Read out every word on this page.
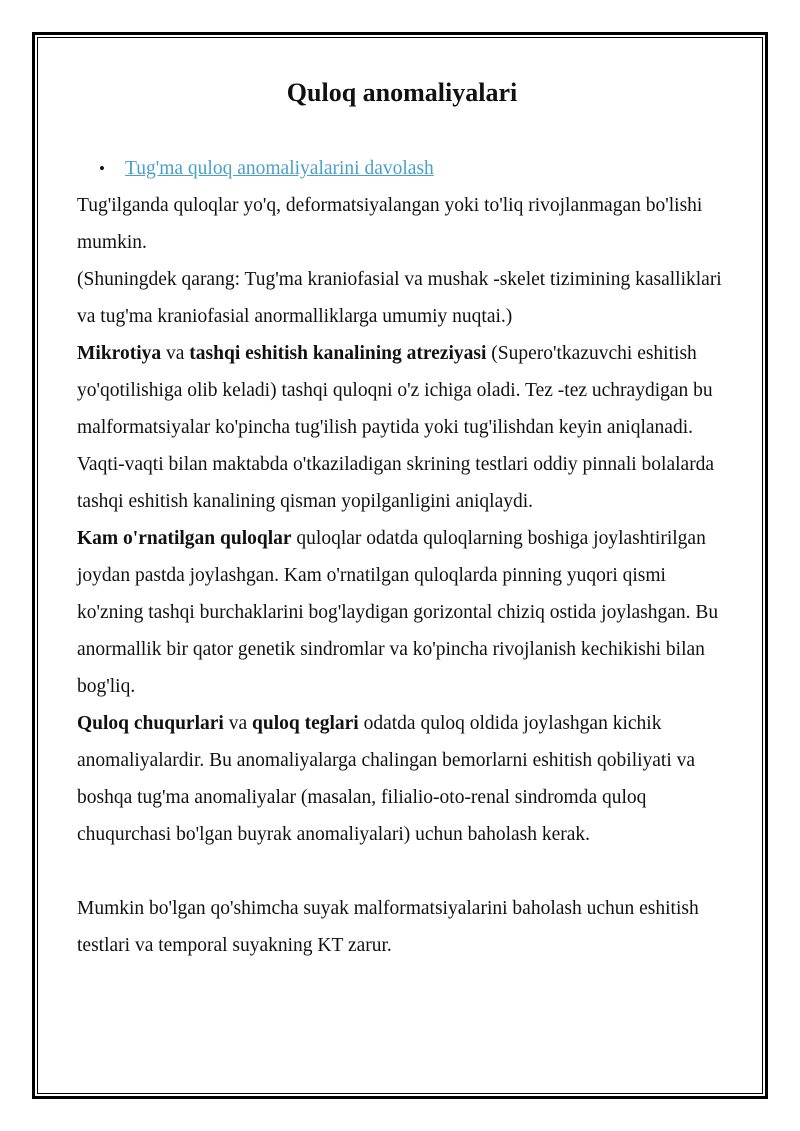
Quloq anomaliyalari
• Tug'ma quloq anomaliyalarini davolash

Tug'ilganda quloqlar yo'q, deformatsiyalangan yoki to'liq rivojlanmagan bo'lishi mumkin.

(Shuningdek qarang: Tug'ma kraniofasial va mushak -skelet tizimining kasalliklari va tug'ma kraniofasial anormalliklarga umumiy nuqtai.)

Mikrotiya va tashqi eshitish kanalining atreziyasi (Supero'tkazuvchi eshitish yo'qotilishiga olib keladi) tashqi quloqni o'z ichiga oladi. Tez -tez uchraydigan bu malformatsiyalar ko'pincha tug'ilish paytida yoki tug'ilishdan keyin aniqlanadi. Vaqti-vaqti bilan maktabda o'tkaziladigan skrining testlari oddiy pinnali bolalarda tashqi eshitish kanalining qisman yopilganligini aniqlaydi.

Kam o'rnatilgan quloqlar quloqlar odatda quloqlarning boshiga joylashtirilgan joydan pastda joylashgan. Kam o'rnatilgan quloqlarda pinning yuqori qismi ko'zning tashqi burchaklarini bog'laydigan gorizontal chiziq ostida joylashgan. Bu anormallik bir qator genetik sindromlar va ko'pincha rivojlanish kechikishi bilan bog'liq.

Quloq chuqurlari va quloq teglari odatda quloq oldida joylashgan kichik anomaliyalardir. Bu anomaliyalarga chalingan bemorlarni eshitish qobiliyati va boshqa tug'ma anomaliyalar (masalan, filialio-oto-renal sindromda quloq chuqurchasi bo'lgan buyrak anomaliyalari) uchun baholash kerak.

Mumkin bo'lgan qo'shimcha suyak malformatsiyalarini baholash uchun eshitish testlari va temporal suyakning KT zarur.
